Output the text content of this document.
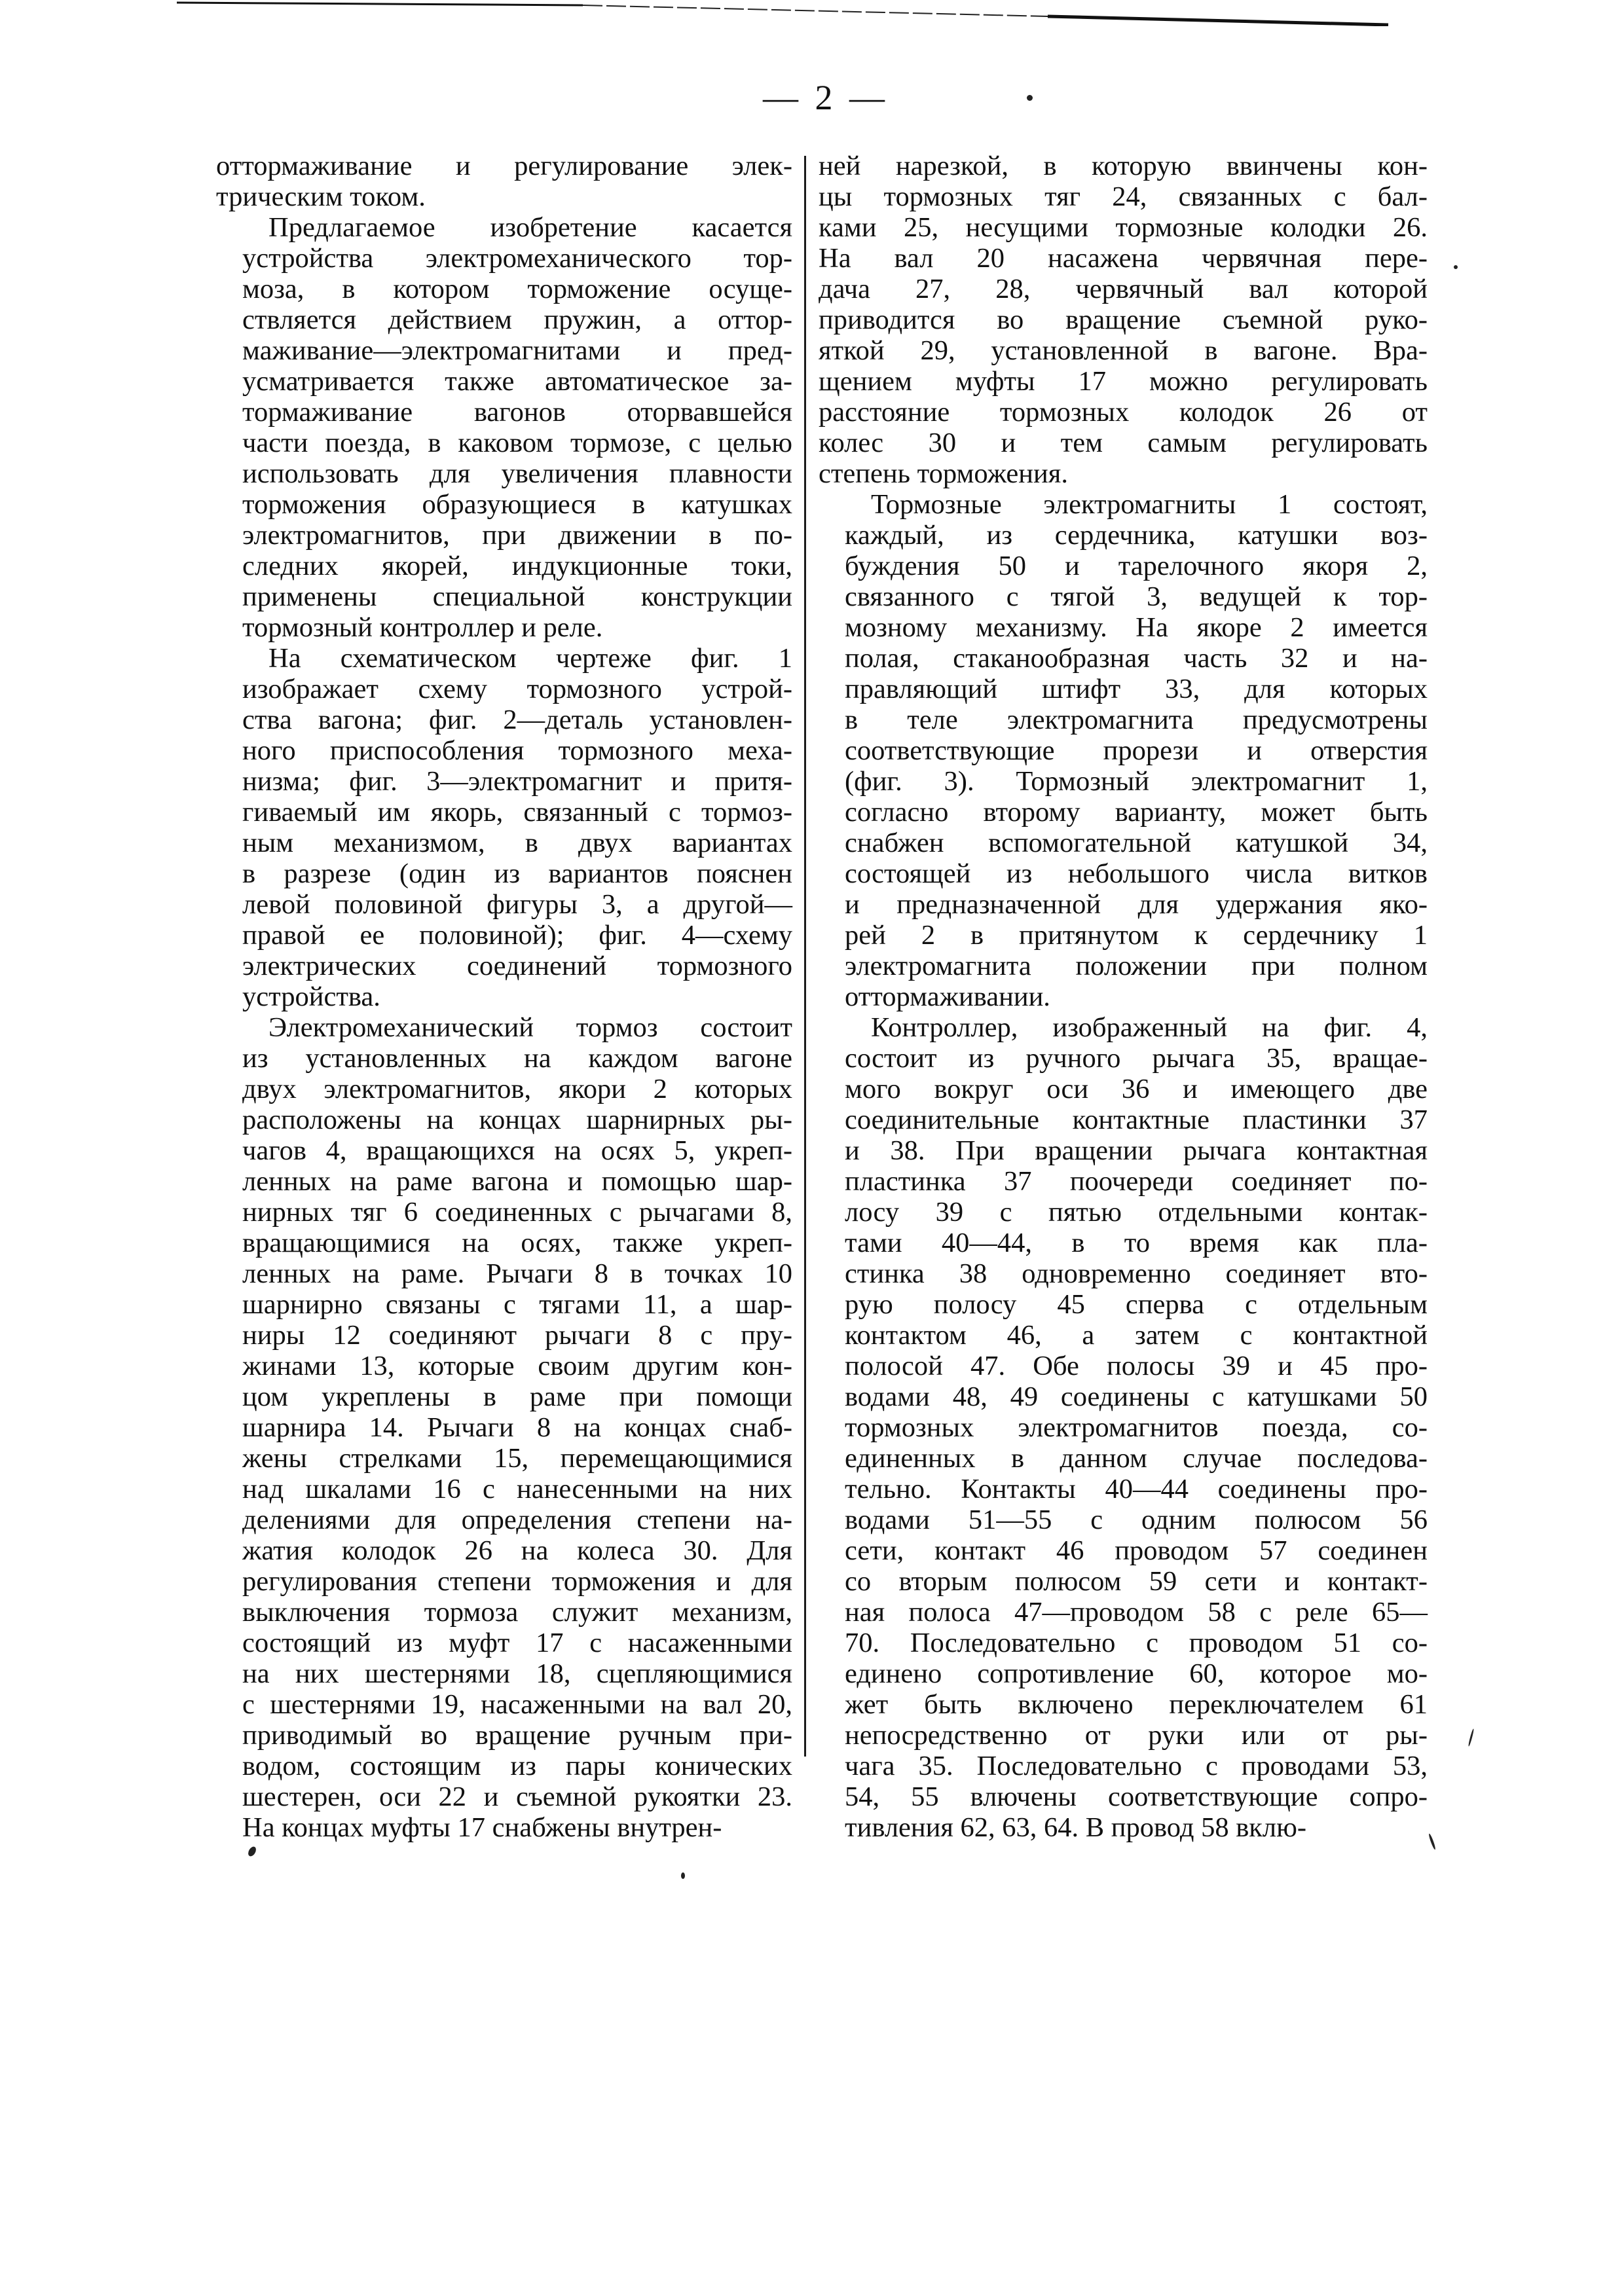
— 2 —

оттормаживание и регулирование элек-
трическим током.

Предлагаемое изобретение касается
устройства электромеханического тор-
моза, в котором торможение осуще-
ствляется действием пружин, а оттор-
маживание—электромагнитами и пред-
усматривается также автоматическое за-
тормаживание вагонов оторвавшейся
части поезда, в каковом тормозе, с целью
использовать для увеличения плавности
торможения образующиеся в катушках
электромагнитов, при движении в по-
следних якорей, индукционные токи,
применены специальной конструкции
тормозный контроллер и реле.

На схематическом чертеже фиг. 1
изображает схему тормозного устрой-
ства вагона; фиг. 2—деталь установлен-
ного приспособления тормозного меха-
низма; фиг. 3—электромагнит и притя-
гиваемый им якорь, связанный с тормоз-
ным механизмом, в двух вариантах
в разрезе (один из вариантов пояснен
левой половиной фигуры 3, а другой—
правой ее половиной); фиг. 4—схему
электрических соединений тормозного
устройства.

Электромеханический тормоз состоит
из установленных на каждом вагоне
двух электромагнитов, якори 2 которых
расположены на концах шарнирных ры-
чагов 4, вращающихся на осях 5, укреп-
ленных на раме вагона и помощью шар-
нирных тяг 6 соединенных с рычагами 8,
вращающимися на осях, также укреп-
ленных на раме. Рычаги 8 в точках 10
шарнирно связаны с тягами 11, а шар-
ниры 12 соединяют рычаги 8 с пру-
жинами 13, которые своим другим кон-
цом укреплены в раме при помощи
шарнира 14. Рычаги 8 на концах снаб-
жены стрелками 15, перемещающимися
над шкалами 16 с нанесенными на них
делениями для определения степени на-
жатия колодок 26 на колеса 30. Для
регулирования степени торможения и для
выключения тормоза служит механизм,
состоящий из муфт 17 с насаженными
на них шестернями 18, сцепляющимися
с шестернями 19, насаженными на вал 20,
приводимый во вращение ручным при-
водом, состоящим из пары конических
шестерен, оси 22 и съемной рукоятки 23.
На концах муфты 17 снабжены внутрен-

ней нарезкой, в которую ввинчены кон-
цы тормозных тяг 24, связанных с бал-
ками 25, несущими тормозные колодки 26.
На вал 20 насажена червячная пере-
дача 27, 28, червячный вал которой
приводится во вращение съемной руко-
яткой 29, установленной в вагоне. Вра-
щением муфты 17 можно регулировать
расстояние тормозных колодок 26 от
колес 30 и тем самым регулировать
степень торможения.

Тормозные электромагниты 1 состоят,
каждый, из сердечника, катушки воз-
буждения 50 и тарелочного якоря 2,
связанного с тягой 3, ведущей к тор-
мозному механизму. На якоре 2 имеется
полая, стаканообразная часть 32 и на-
правляющий штифт 33, для которых
в теле электромагнита предусмотрены
соответствующие прорези и отверстия
(фиг. 3). Тормозный электромагнит 1,
согласно второму варианту, может быть
снабжен вспомогательной катушкой 34,
состоящей из небольшого числа витков
и предназначенной для удержания яко-
рей 2 в притянутом к сердечнику 1
электромагнита положении при полном
оттормаживании.

Контроллер, изображенный на фиг. 4,
состоит из ручного рычага 35, вращае-
мого вокруг оси 36 и имеющего две
соединительные контактные пластинки 37
и 38. При вращении рычага контактная
пластинка 37 поочереди соединяет по-
лосу 39 с пятью отдельными контак-
тами 40—44, в то время как пла-
стинка 38 одновременно соединяет вто-
рую полосу 45 сперва с отдельным
контактом 46, а затем с контактной
полосой 47. Обе полосы 39 и 45 про-
водами 48, 49 соединены с катушками 50
тормозных электромагнитов поезда, со-
единенных в данном случае последова-
тельно. Контакты 40—44 соединены про-
водами 51—55 с одним полюсом 56
сети, контакт 46 проводом 57 соединен
со вторым полюсом 59 сети и контакт-
ная полоса 47—проводом 58 с реле 65—
70. Последовательно с проводом 51 со-
единено сопротивление 60, которое мо-
жет быть включено переключателем 61
непосредственно от руки или от ры-
чага 35. Последовательно с проводами 53,
54, 55 влючены соответствующие сопро-
тивления 62, 63, 64. В провод 58 вклю-
